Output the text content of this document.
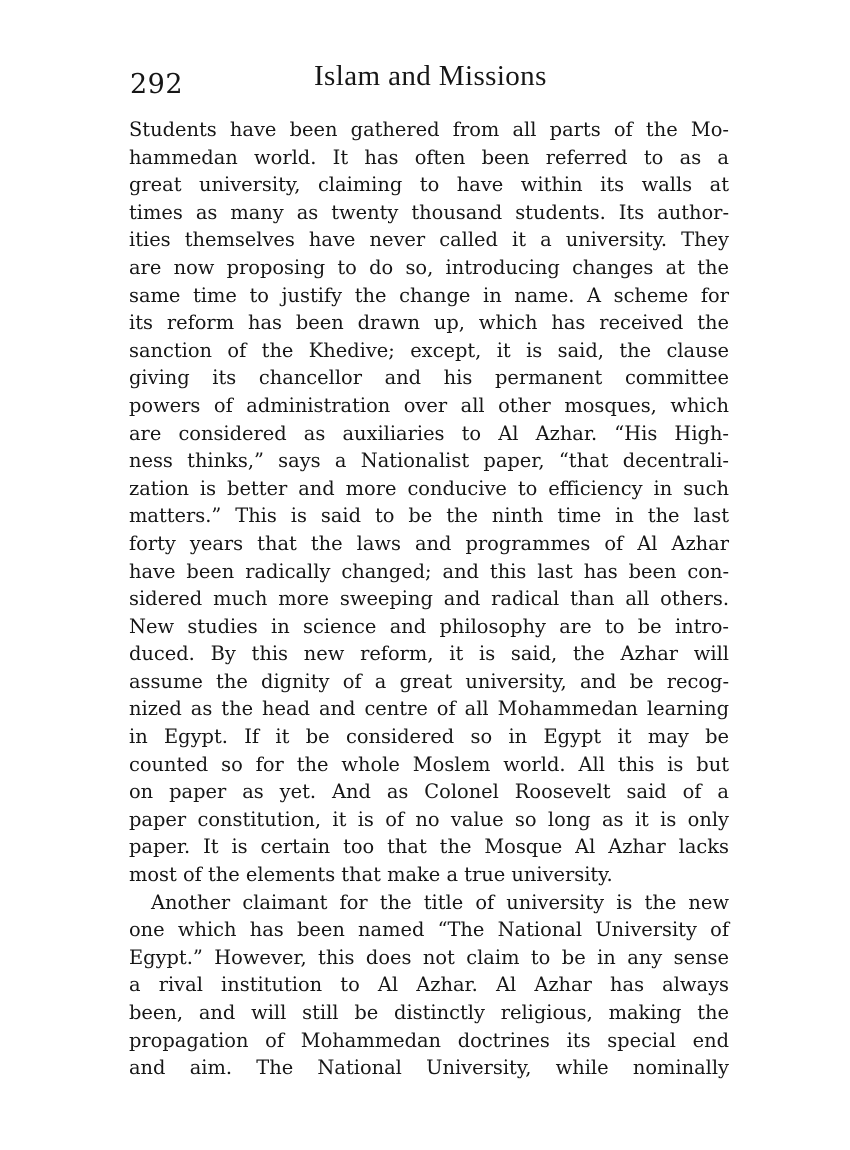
292	Islam and Missions
Students have been gathered from all parts of the Mo-
hammedan world. It has often been referred to as a
great university, claiming to have within its walls at
times as many as twenty thousand students. Its author-
ities themselves have never called it a university. They
are now proposing to do so, introducing changes at the
same time to justify the change in name. A scheme for
its reform has been drawn up, which has received the
sanction of the Khedive; except, it is said, the clause
giving its chancellor and his permanent committee
powers of administration over all other mosques, which
are considered as auxiliaries to Al Azhar. “His High-
ness thinks,” says a Nationalist paper, “that decentrali-
zation is better and more conducive to efficiency in such
matters.” This is said to be the ninth time in the last
forty years that the laws and programmes of Al Azhar
have been radically changed; and this last has been con-
sidered much more sweeping and radical than all others.
New studies in science and philosophy are to be intro-
duced. By this new reform, it is said, the Azhar will
assume the dignity of a great university, and be recog-
nized as the head and centre of all Mohammedan learning
in Egypt. If it be considered so in Egypt it may be
counted so for the whole Moslem world. All this is but
on paper as yet. And as Colonel Roosevelt said of a
paper constitution, it is of no value so long as it is only
paper. It is certain too that the Mosque Al Azhar lacks
most of the elements that make a true university.
Another claimant for the title of university is the new
one which has been named “The National University of
Egypt.” However, this does not claim to be in any sense
a rival institution to Al Azhar. Al Azhar has always
been, and will still be distinctly religious, making the
propagation of Mohammedan doctrines its special end
and aim. The National University, while nominally
